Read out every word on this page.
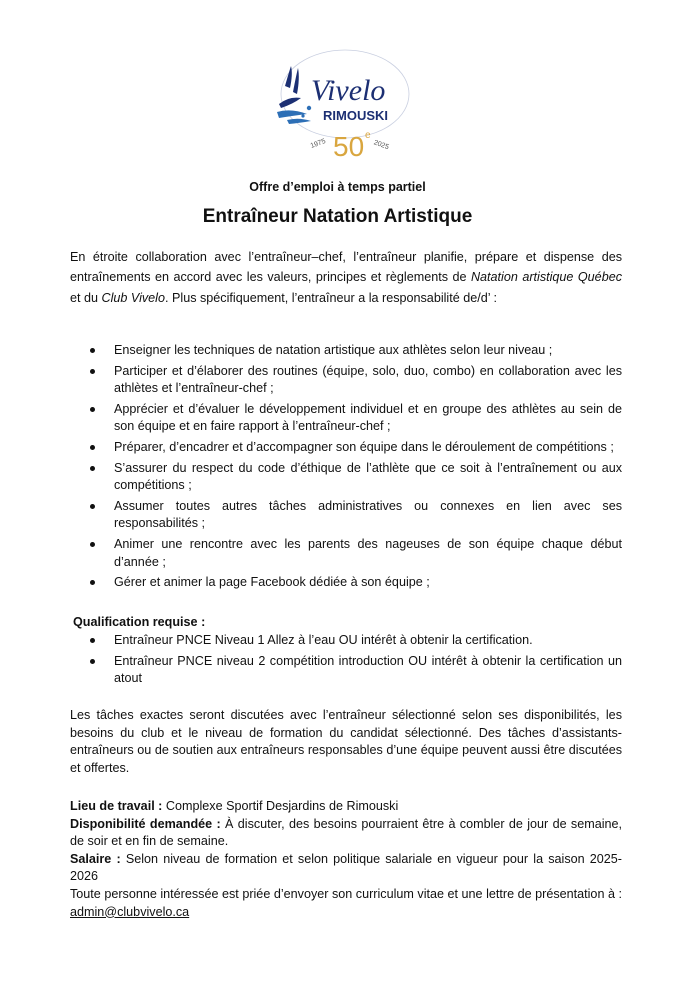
Vivelo
RIMOUSKI
1975 50 e
2025
Offre d’emploi à temps partiel
Entraîneur Natation Artistique

En étroite collaboration avec l’entraîneur–chef, l’entraîneur planifie, prépare et dispense des entraînements en accord avec les valeurs, principes et règlements de Natation artistique Québec et du Club Vivelo. Plus spécifiquement, l’entraîneur a la responsabilité de/d’ :

Enseigner les techniques de natation artistique aux athlètes selon leur niveau ;
Participer et d’élaborer des routines (équipe, solo, duo, combo) en collaboration avec les athlètes et l’entraîneur-chef ;
Apprécier et d’évaluer le développement individuel et en groupe des athlètes au sein de son équipe et en faire rapport à l’entraîneur-chef ;
Préparer, d’encadrer et d’accompagner son équipe dans le déroulement de compétitions ;
S’assurer du respect du code d’éthique de l’athlète que ce soit à l’entraînement ou aux compétitions ;
Assumer toutes autres tâches administratives ou connexes en lien avec ses responsabilités ;
Animer une rencontre avec les parents des nageuses de son équipe chaque début d’année ;
Gérer et animer la page Facebook dédiée à son équipe ;
Qualification requise :
Entraîneur PNCE Niveau 1 Allez à l’eau OU intérêt à obtenir la certification.
Entraîneur PNCE niveau 2 compétition introduction OU intérêt à obtenir la certification un atout

Les tâches exactes seront discutées avec l’entraîneur sélectionné selon ses disponibilités, les besoins du club et le niveau de formation du candidat sélectionné. Des tâches d’assistants-entraîneurs ou de soutien aux entraîneurs responsables d’une équipe peuvent aussi être discutées et offertes.

Lieu de travail : Complexe Sportif Desjardins de Rimouski
Disponibilité demandée : À discuter, des besoins pourraient être à combler de jour de semaine, de soir et en fin de semaine.
Salaire : Selon niveau de formation et selon politique salariale en vigueur pour la saison 2025-2026
Toute personne intéressée est priée d’envoyer son curriculum vitae et une lettre de présentation à : admin@clubvivelo.ca
